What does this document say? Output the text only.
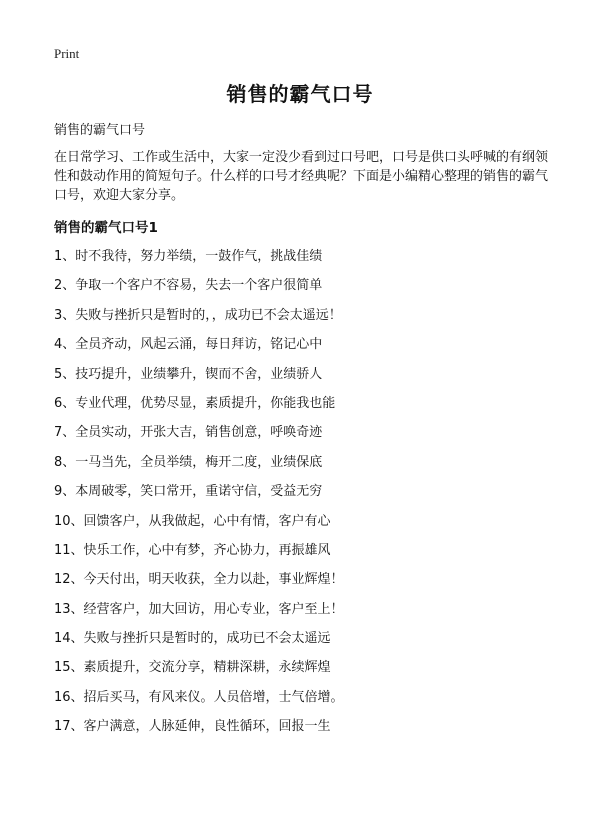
Print
销售的霸气口号
销售的霸气口号

在日常学习、工作或生活中，大家一定没少看到过口号吧，口号是供口头呼喊的有纲领性和鼓动作用的简短句子。什么样的口号才经典呢？下面是小编精心整理的销售的霸气口号，欢迎大家分享。

销售的霸气口号1
1、时不我待，努力举绩，一鼓作气，挑战佳绩
2、争取一个客户不容易，失去一个客户很简单
3、失败与挫折只是暂时的，，成功已不会太遥远！
4、全员齐动，风起云涌，每日拜访，铭记心中
5、技巧提升，业绩攀升，锲而不舍，业绩骄人
6、专业代理，优势尽显，素质提升，你能我也能
7、全员实动，开张大吉，销售创意，呼唤奇迹
8、一马当先，全员举绩，梅开二度，业绩保底
9、本周破零，笑口常开，重诺守信，受益无穷
10、回馈客户，从我做起，心中有情，客户有心
11、快乐工作，心中有梦，齐心协力，再振雄风
12、今天付出，明天收获，全力以赴，事业辉煌！
13、经营客户，加大回访，用心专业，客户至上！
14、失败与挫折只是暂时的，成功已不会太遥远
15、素质提升，交流分享，精耕深耕，永续辉煌
16、招后买马，有风来仪。人员倍增，士气倍增。
17、客户满意，人脉延伸，良性循环，回报一生
